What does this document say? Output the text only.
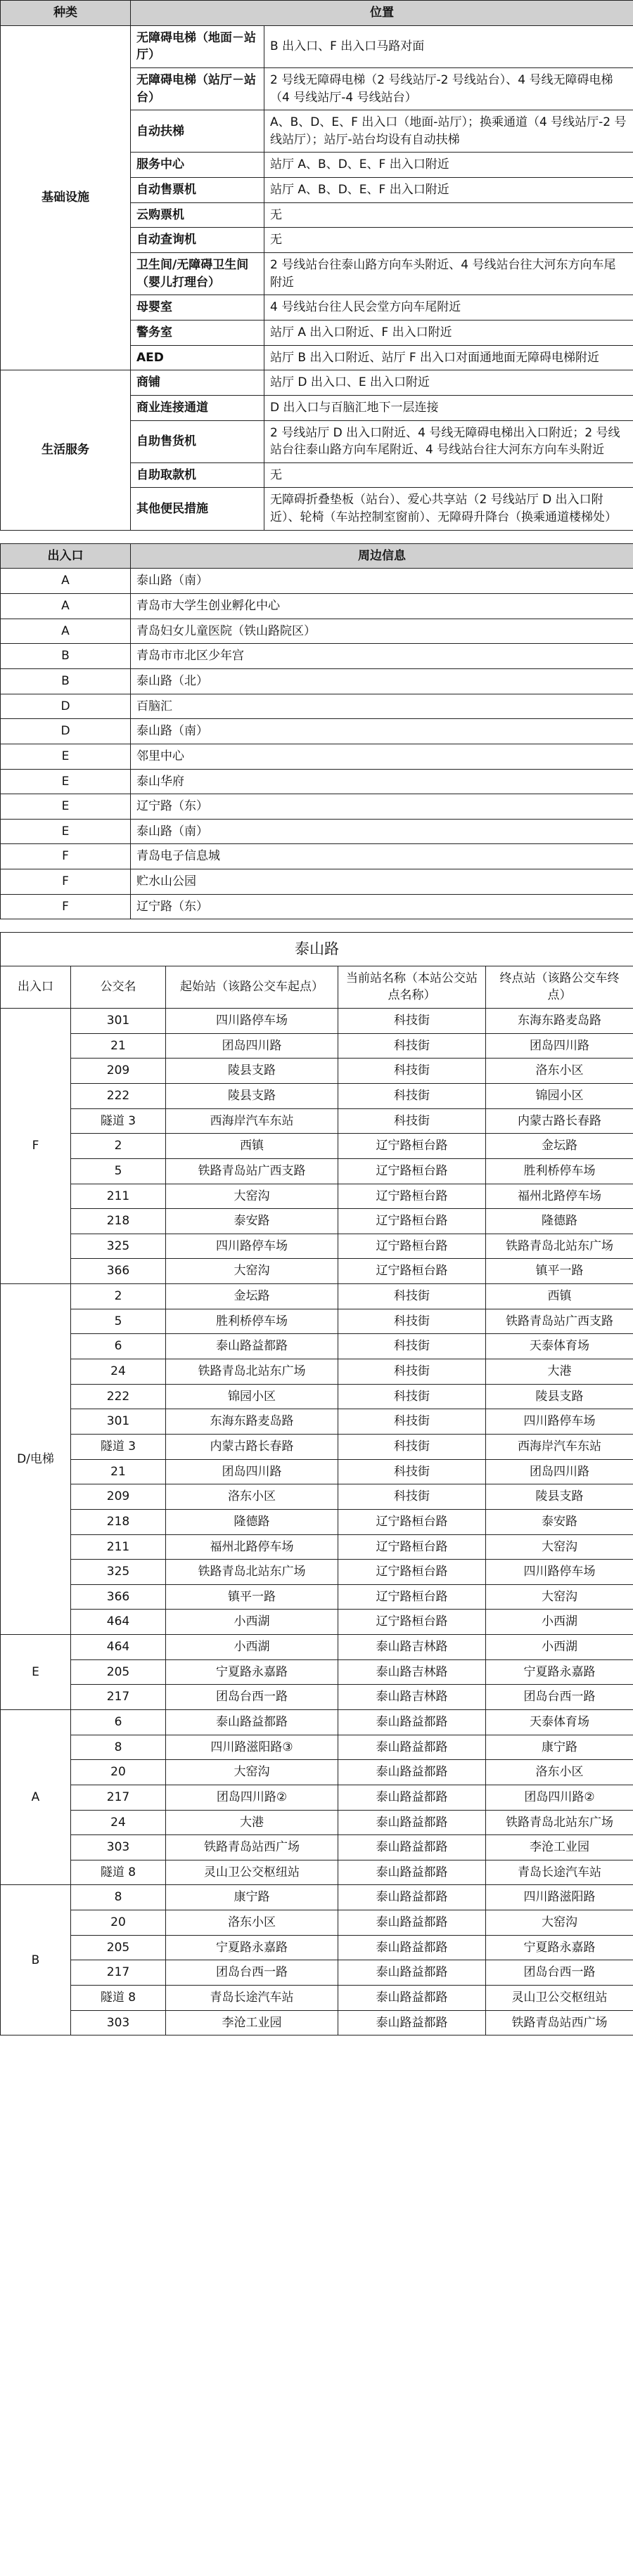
种类	位置	
基础设施	无障碍电梯（地面－站厅）	B 出入口、F 出入口马路对面
	无障碍电梯（站厅－站台）	2 号线无障碍电梯（2 号线站厅-2 号线站台）、4 号线无障碍电梯（4 号线站厅-4 号线站台）
	自动扶梯	A、B、D、E、F 出入口（地面-站厅）；换乘通道（4 号线站厅-2 号线站厅）；站厅-站台均设有自动扶梯
	服务中心	站厅 A、B、D、E、F 出入口附近
	自动售票机	站厅 A、B、D、E、F 出入口附近
	云购票机	无
	自动查询机	无
	卫生间/无障碍卫生间（婴儿打理台）	2 号线站台往泰山路方向车头附近、4 号线站台往大河东方向车尾附近
	母婴室	4 号线站台往人民会堂方向车尾附近
	警务室	站厅 A 出入口附近、F 出入口附近
	AED	站厅 B 出入口附近、站厅 F 出入口对面通地面无障碍电梯附近
生活服务	商铺	站厅 D 出入口、E 出入口附近
	商业连接通道	D 出入口与百脑汇地下一层连接
	自助售货机	2 号线站厅 D 出入口附近、4 号线无障碍电梯出入口附近；2 号线站台往泰山路方向车尾附近、4 号线站台往大河东方向车头附近
	自助取款机	无
	其他便民措施	无障碍折叠垫板（站台）、爱心共享站（2 号线站厅 D 出入口附近）、轮椅（车站控制室窗前）、无障碍升降台（换乘通道楼梯处）
出入口	周边信息
A	泰山路（南）
A	青岛市大学生创业孵化中心
A	青岛妇女儿童医院（铁山路院区）
B	青岛市市北区少年宫
B	泰山路（北）
D	百脑汇
D	泰山路（南）
E	邻里中心
E	泰山华府
E	辽宁路（东）
E	泰山路（南）
F	青岛电子信息城
F	贮水山公园
F	辽宁路（东）
泰山路				
出入口	公交名	起始站（该路公交车起点）	当前站名称（本站公交站点名称）	终点站（该路公交车终点）
F	301	四川路停车场	科技街	东海东路麦岛路
	21	团岛四川路	科技街	团岛四川路
	209	陵县支路	科技街	洛东小区
	222	陵县支路	科技街	锦园小区
	隧道 3	西海岸汽车东站	科技街	内蒙古路长春路
	2	西镇	辽宁路桓台路	金坛路
	5	铁路青岛站广西支路	辽宁路桓台路	胜利桥停车场
	211	大窑沟	辽宁路桓台路	福州北路停车场
	218	泰安路	辽宁路桓台路	隆德路
	325	四川路停车场	辽宁路桓台路	铁路青岛北站东广场
	366	大窑沟	辽宁路桓台路	镇平一路
D/电梯	2	金坛路	科技街	西镇
	5	胜利桥停车场	科技街	铁路青岛站广西支路
	6	泰山路益都路	科技街	天泰体育场
	24	铁路青岛北站东广场	科技街	大港
	222	锦园小区	科技街	陵县支路
	301	东海东路麦岛路	科技街	四川路停车场
	隧道 3	内蒙古路长春路	科技街	西海岸汽车东站
	21	团岛四川路	科技街	团岛四川路
	209	洛东小区	科技街	陵县支路
	218	隆德路	辽宁路桓台路	泰安路
	211	福州北路停车场	辽宁路桓台路	大窑沟
	325	铁路青岛北站东广场	辽宁路桓台路	四川路停车场
	366	镇平一路	辽宁路桓台路	大窑沟
	464	小西湖	辽宁路桓台路	小西湖
E	464	小西湖	泰山路吉林路	小西湖
	205	宁夏路永嘉路	泰山路吉林路	宁夏路永嘉路
	217	团岛台西一路	泰山路吉林路	团岛台西一路
A	6	泰山路益都路	泰山路益都路	天泰体育场
	8	四川路滋阳路③	泰山路益都路	康宁路
	20	大窑沟	泰山路益都路	洛东小区
	217	团岛四川路②	泰山路益都路	团岛四川路②
	24	大港	泰山路益都路	铁路青岛北站东广场
	303	铁路青岛站西广场	泰山路益都路	李沧工业园
	隧道 8	灵山卫公交枢纽站	泰山路益都路	青岛长途汽车站
B	8	康宁路	泰山路益都路	四川路滋阳路
	20	洛东小区	泰山路益都路	大窑沟
	205	宁夏路永嘉路	泰山路益都路	宁夏路永嘉路
	217	团岛台西一路	泰山路益都路	团岛台西一路
	隧道 8	青岛长途汽车站	泰山路益都路	灵山卫公交枢纽站
	303	李沧工业园	泰山路益都路	铁路青岛站西广场
